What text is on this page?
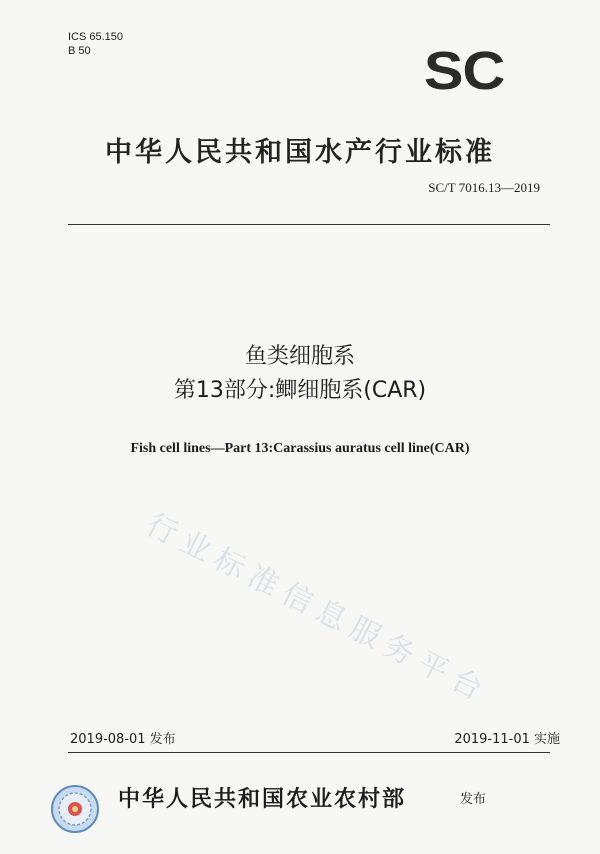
ICS 65.150
B 50	SC
中华人民共和国水产行业标准
SC/T 7016.13—2019
鱼类细胞系
第13部分:鲫细胞系(CAR)
Fish cell lines—Part 13:Carassius auratus cell line(CAR)
行业标准信息服务平台
2019-08-01 发布	2019-11-01 实施
中华人民共和国农业农村部	发布
